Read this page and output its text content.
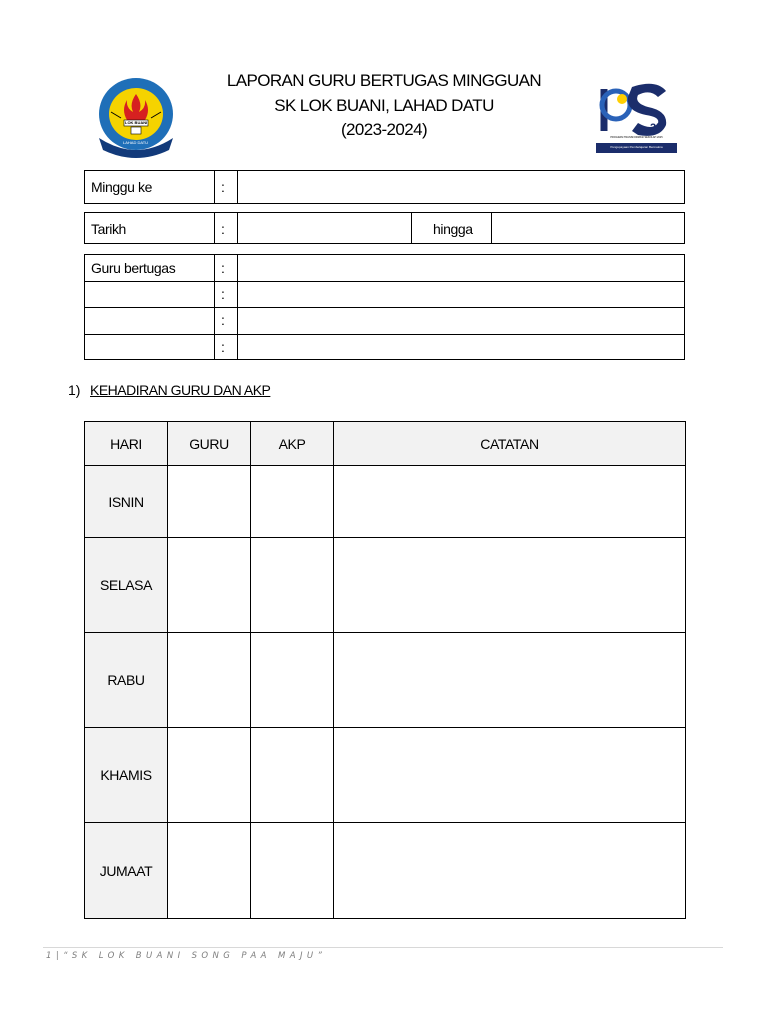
LOK BUANI
LAHAD DATU
LAPORAN GURU BERTUGAS MINGGUAN
SK LOK BUANI, LAHAD DATU
(2023-2024)	25
PROGRAM TRANSFORMASI SEKOLAH 2025
Pengupayaan Pembelajaran Bermakna
Minggu ke	:
Tarikh	:	hingga
Guru bertugas	:
:
:
:
1) KEHADIRAN GURU DAN AKP
HARI	GURU	AKP	CATATAN
ISNIN			
SELASA			
RABU			
KHAMIS			
JUMAAT			
1|“SK LOK BUANI SONG PAA MAJU”
